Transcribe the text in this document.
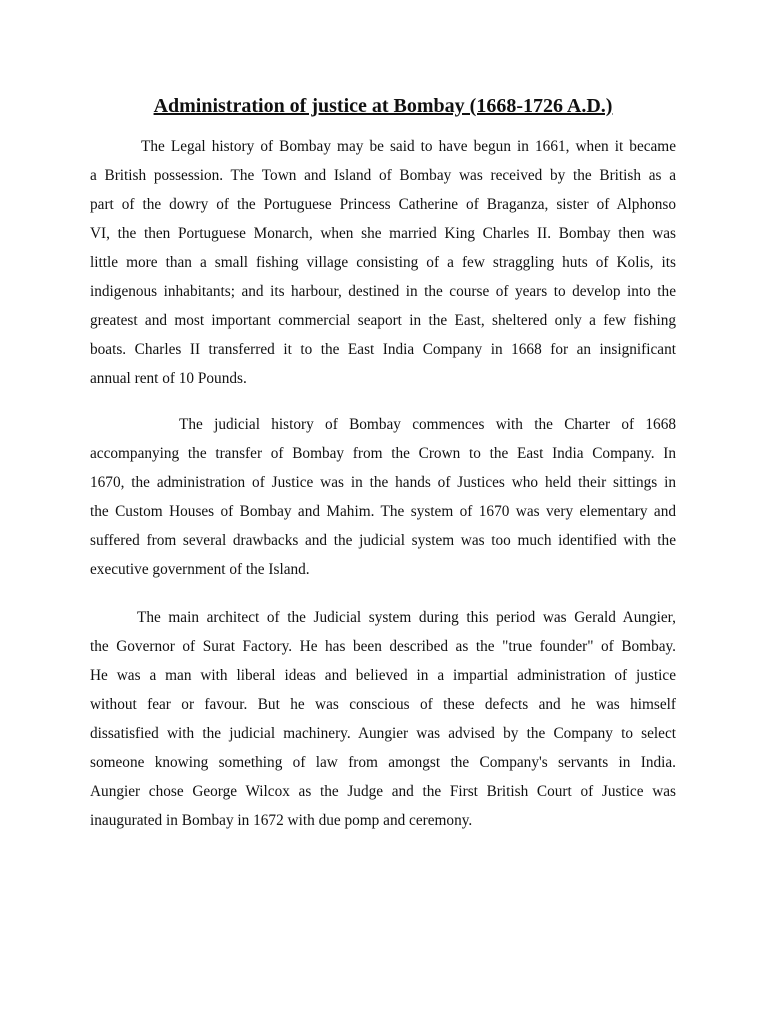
Administration of justice at Bombay (1668-1726 A.D.)

The Legal history of Bombay may be said to have begun in 1661, when it became
a British possession. The Town and Island of Bombay was received by the British as a
part of the dowry of the Portuguese Princess Catherine of Braganza, sister of Alphonso
VI, the then Portuguese Monarch, when she married King Charles II. Bombay then was
little more than a small fishing village consisting of a few straggling huts of Kolis, its
indigenous inhabitants; and its harbour, destined in the course of years to develop into the
greatest and most important commercial seaport in the East, sheltered only a few fishing
boats. Charles II transferred it to the East India Company in 1668 for an insignificant
annual rent of 10 Pounds.

The judicial history of Bombay commences with the Charter of 1668
accompanying the transfer of Bombay from the Crown to the East India Company. In
1670, the administration of Justice was in the hands of Justices who held their sittings in
the Custom Houses of Bombay and Mahim. The system of 1670 was very elementary and
suffered from several drawbacks and the judicial system was too much identified with the
executive government of the Island.

The main architect of the Judicial system during this period was Gerald Aungier,
the Governor of Surat Factory. He has been described as the "true founder" of Bombay.
He was a man with liberal ideas and believed in a impartial administration of justice
without fear or favour. But he was conscious of these defects and he was himself
dissatisfied with the judicial machinery. Aungier was advised by the Company to select
someone knowing something of law from amongst the Company's servants in India.
Aungier chose George Wilcox as the Judge and the First British Court of Justice was
inaugurated in Bombay in 1672 with due pomp and ceremony.
